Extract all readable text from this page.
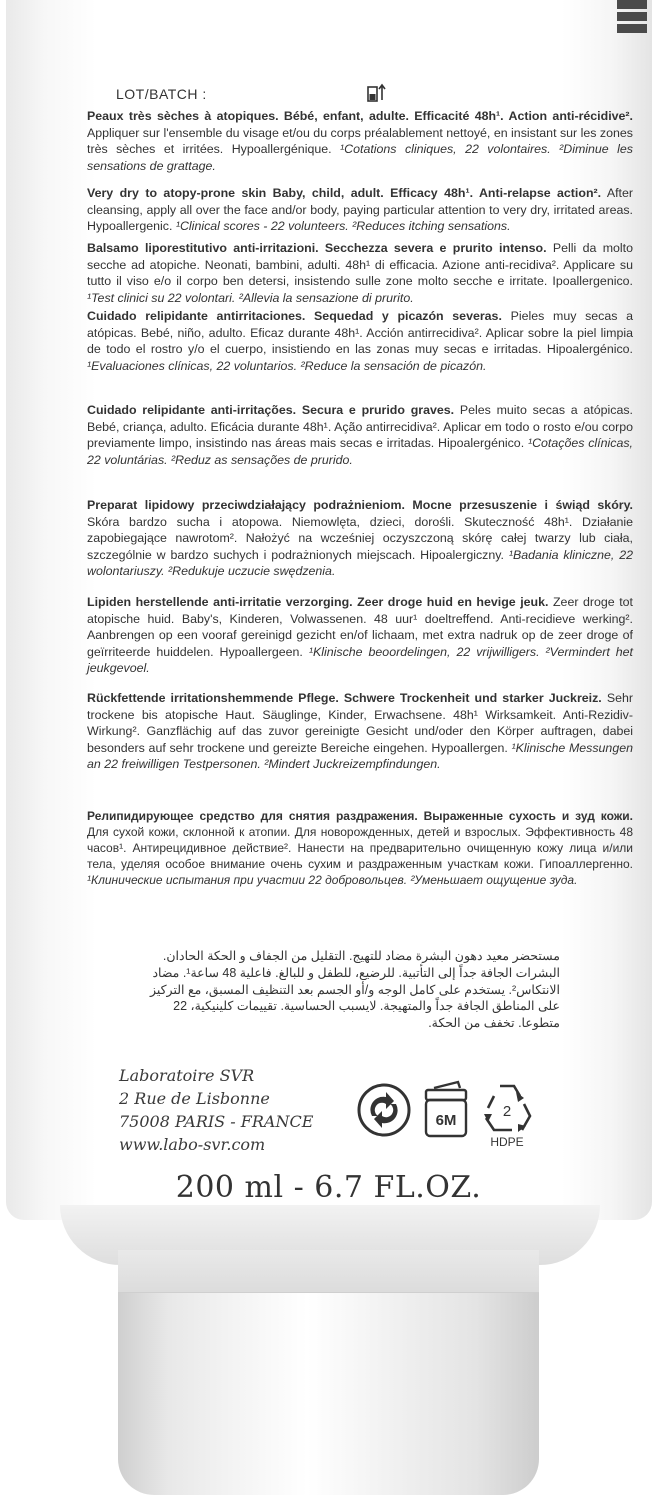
LOT/BATCH :
Peaux très sèches à atopiques. Bébé, enfant, adulte. Efficacité 48h¹. Action anti-récidive². Appliquer sur l'ensemble du visage et/ou du corps préalablement nettoyé, en insistant sur les zones très sèches et irritées. Hypoallergénique. ¹Cotations cliniques, 22 volontaires. ²Diminue les sensations de grattage.
Very dry to atopy-prone skin Baby, child, adult. Efficacy 48h¹. Anti-relapse action². After cleansing, apply all over the face and/or body, paying particular attention to very dry, irritated areas. Hypoallergenic. ¹Clinical scores - 22 volunteers. ²Reduces itching sensations.
Balsamo liporestitutivo anti-irritazioni. Secchezza severa e prurito intenso. Pelli da molto secche ad atopiche. Neonati, bambini, adulti. 48h¹ di efficacia. Azione anti-recidiva². Applicare su tutto il viso e/o il corpo ben detersi, insistendo sulle zone molto secche e irritate. Ipoallergenico. ¹Test clinici su 22 volontari. ²Allevia la sensazione di prurito.
Cuidado relipidante antirritaciones. Sequedad y picazón severas. Pieles muy secas a atópicas. Bebé, niño, adulto. Eficaz durante 48h¹. Acción antirrecidiva². Aplicar sobre la piel limpia de todo el rostro y/o el cuerpo, insistiendo en las zonas muy secas e irritadas. Hipoalergénico. ¹Evaluaciones clínicas, 22 voluntarios. ²Reduce la sensación de picazón.
Cuidado relipidante anti-irritações. Secura e prurido graves. Peles muito secas a atópicas. Bebé, criança, adulto. Eficácia durante 48h¹. Ação antirrecidiva². Aplicar em todo o rosto e/ou corpo previamente limpo, insistindo nas áreas mais secas e irritadas. Hipoalergénico. ¹Cotações clínicas, 22 voluntárias. ²Reduz as sensações de prurido.
Preparat lipidowy przeciwdziałający podrażnieniom. Mocne przesuszenie i świąd skóry. Skóra bardzo sucha i atopowa. Niemowlęta, dzieci, dorośli. Skuteczność 48h¹. Działanie zapobiegające nawrotom². Nałożyć na wcześniej oczyszczoną skórę całej twarzy lub ciała, szczególnie w bardzo suchych i podrażnionych miejscach. Hipoalergiczny. ¹Badania kliniczne, 22 wolontariuszy. ²Redukuje uczucie swędzenia.
Lipiden herstellende anti-irritatie verzorging. Zeer droge huid en hevige jeuk. Zeer droge tot atopische huid. Baby's, Kinderen, Volwassenen. 48 uur¹ doeltreffend. Anti-recidieve werking². Aanbrengen op een vooraf gereinigd gezicht en/of lichaam, met extra nadruk op de zeer droge of geïrriteerde huiddelen. Hypoallergeen. ¹Klinische beoordelingen, 22 vrijwilligers. ²Vermindert het jeukgevoel.
Rückfettende irritationshemmende Pflege. Schwere Trockenheit und starker Juckreiz. Sehr trockene bis atopische Haut. Säuglinge, Kinder, Erwachsene. 48h¹ Wirksamkeit. Anti-Rezidiv-Wirkung². Ganzflächig auf das zuvor gereinigte Gesicht und/oder den Körper auftragen, dabei besonders auf sehr trockene und gereizte Bereiche eingehen. Hypoallergen. ¹Klinische Messungen an 22 freiwilligen Testpersonen. ²Mindert Juckreizempfindungen.
Релипидирующее средство для снятия раздражения. Выраженные сухость и зуд кожи. Для сухой кожи, склонной к атопии. Для новорожденных, детей и взрослых. Эффективность 48 часов¹. Антирецидивное действие². Нанести на предварительно очищенную кожу лица и/или тела, уделяя особое внимание очень сухим и раздраженным участкам кожи. Гипоаллергенно. ¹Клинические испытания при участии 22 добровольцев. ²Уменьшает ощущение зуда.
مستحضر معيد دهون البشرة مضاد للتهيج. التقليل من الجفاف و الحكة الحادان. البشرات الجافة جداً إلى التأتبية. للرضيع، للطفل و للبالغ. فاعلية 48 ساعة¹. مضاد الانتكاس². يستخدم على كامل الوجه و/أو الجسم بعد التنظيف المسبق، مع التركيز على المناطق الجافة جداً والمتهيجة. لايسبب الحساسية. تقييمات كلينيكية، 22 متطوعا. تخفف من الحكة.
Laboratoire SVR
2 Rue de Lisbonne
75008 PARIS - FRANCE
www.labo-svr.com
6M
2
HDPE
200 ml - 6.7 FL.OZ.
